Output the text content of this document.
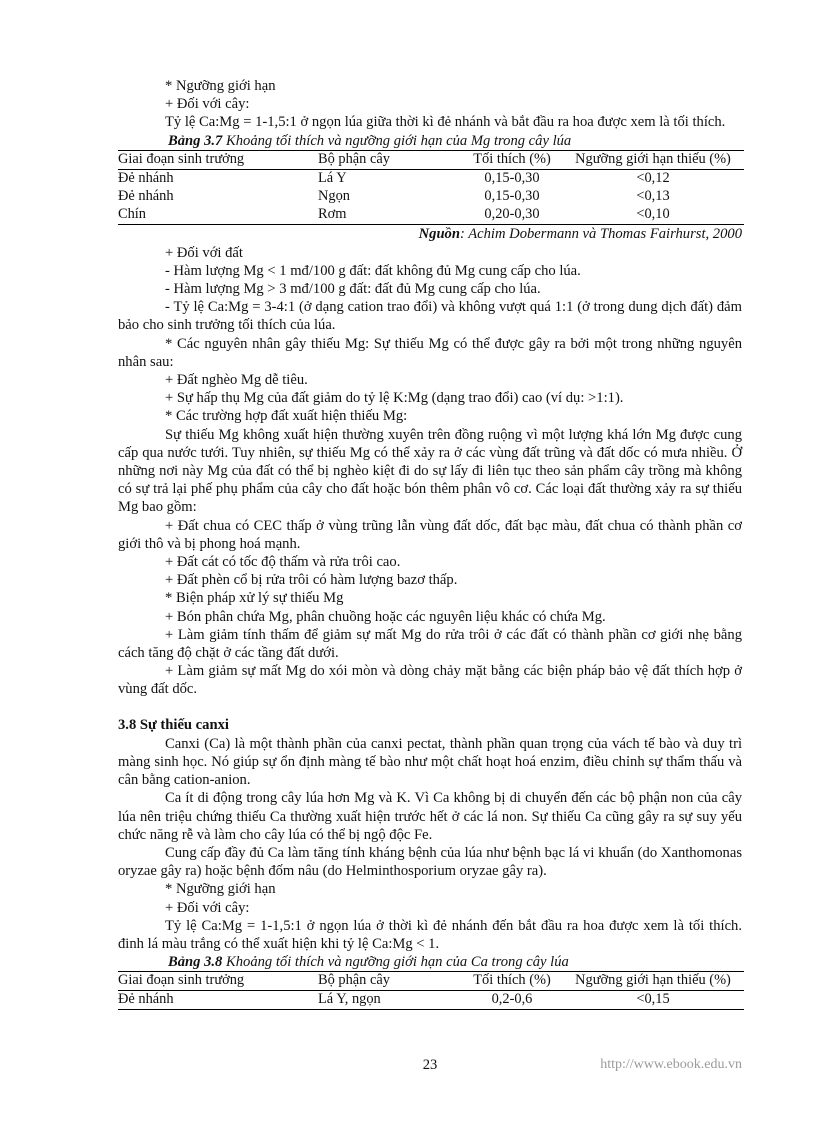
* Ngưỡng giới hạn

+ Đối với cây:

Tỷ lệ Ca:Mg = 1-1,5:1 ở ngọn lúa giữa thời kì đẻ nhánh và bắt đầu ra hoa được xem là tối thích.

Bảng 3.7 Khoảng tối thích và ngưỡng giới hạn của Mg trong cây lúa

Giai đoạn sinh trưởng	Bộ phận cây	Tối thích (%)	Ngưỡng giới hạn thiếu (%)
Đẻ nhánh	Lá Y	0,15-0,30	<0,12
Đẻ nhánh	Ngọn	0,15-0,30	<0,13
Chín	Rơm	0,20-0,30	<0,10

Nguồn: Achim Dobermann và Thomas Fairhurst, 2000

+ Đối với đất

- Hàm lượng Mg < 1 mđ/100 g đất: đất không đủ Mg cung cấp cho lúa.

- Hàm lượng Mg > 3 mđ/100 g đất: đất đủ Mg cung cấp cho lúa.

- Tỷ lệ Ca:Mg = 3-4:1 (ở dạng cation trao đổi) và không vượt quá 1:1 (ở trong dung dịch đất) đảm bảo cho sinh trưởng tối thích của lúa.

* Các nguyên nhân gây thiếu Mg: Sự thiếu Mg có thể được gây ra bởi một trong những nguyên nhân sau:

+ Đất nghèo Mg dễ tiêu.

+ Sự hấp thụ Mg của đất giảm do tỷ lệ K:Mg (dạng trao đổi) cao (ví dụ: >1:1).

* Các trường hợp đất xuất hiện thiếu Mg:

Sự thiếu Mg không xuất hiện thường xuyên trên đồng ruộng vì một lượng khá lớn Mg được cung cấp qua nước tưới. Tuy nhiên, sự thiếu Mg có thể xảy ra ở các vùng đất trũng và đất dốc có mưa nhiều. Ở những nơi này Mg của đất có thể bị nghèo kiệt đi do sự lấy đi liên tục theo sản phẩm cây trồng mà không có sự trả lại phế phụ phẩm của cây cho đất hoặc bón thêm phân vô cơ. Các loại đất thường xảy ra sự thiếu Mg bao gồm:

+ Đất chua có CEC thấp ở vùng trũng lẫn vùng đất dốc, đất bạc màu, đất chua có thành phần cơ giới thô và bị phong hoá mạnh.

+ Đất cát có tốc độ thấm và rửa trôi cao.

+ Đất phèn cổ bị rửa trôi có hàm lượng bazơ thấp.

* Biện pháp xử lý sự thiếu Mg

+ Bón phân chứa Mg, phân chuồng hoặc các nguyên liệu khác có chứa Mg.

+ Làm giảm tính thấm để giảm sự mất Mg do rửa trôi ở các đất có thành phần cơ giới nhẹ bằng cách tăng độ chặt ở các tầng đất dưới.

+ Làm giảm sự mất Mg do xói mòn và dòng chảy mặt bằng các biện pháp bảo vệ đất thích hợp ở vùng đất dốc.

3.8 Sự thiếu canxi

Canxi (Ca) là một thành phần của canxi pectat, thành phần quan trọng của vách tế bào và duy trì màng sinh học. Nó giúp sự ổn định màng tế bào như một chất hoạt hoá enzim, điều chỉnh sự thẩm thấu và cân bằng cation-anion.

Ca ít di động trong cây lúa hơn Mg và K. Vì Ca không bị di chuyển đến các bộ phận non của cây lúa nên triệu chứng thiếu Ca thường xuất hiện trước hết ở các lá non. Sự thiếu Ca cũng gây ra sự suy yếu chức năng rễ và làm cho cây lúa có thể bị ngộ độc Fe.

Cung cấp đầy đủ Ca làm tăng tính kháng bệnh của lúa như bệnh bạc lá vi khuẩn (do Xanthomonas oryzae gây ra) hoặc bệnh đốm nâu (do Helminthosporium oryzae gây ra).

* Ngưỡng giới hạn

+ Đối với cây:

Tỷ lệ Ca:Mg = 1-1,5:1 ở ngọn lúa ở thời kì đẻ nhánh đến bắt đầu ra hoa được xem là tối thích. đinh lá màu trắng có thể xuất hiện khi tỷ lệ Ca:Mg < 1.

Bảng 3.8 Khoảng tối thích và ngưỡng giới hạn của Ca trong cây lúa

Giai đoạn sinh trưởng	Bộ phận cây	Tối thích (%)	Ngưỡng giới hạn thiếu (%)
Đẻ nhánh	Lá Y, ngọn	0,2-0,6	<0,15
23	http://www.ebook.edu.vn
